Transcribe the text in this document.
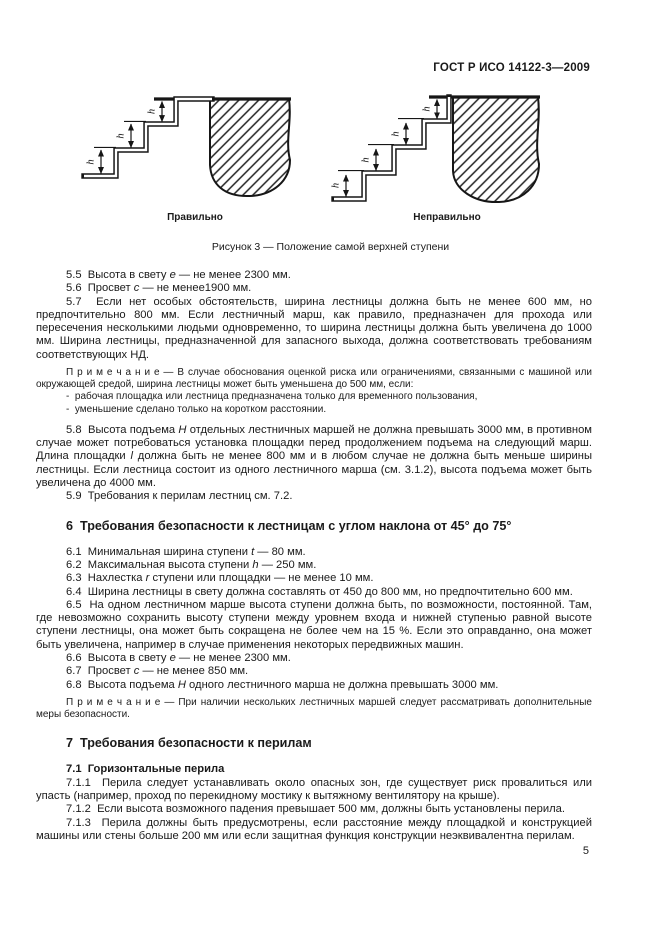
ГОСТ Р ИСО 14122-3—2009
h
h
h
h
h
h
h
Правильно	Неправильно
Рисунок 3 — Положение самой верхней ступени

5.5  Высота в свету e — не менее 2300 мм.

5.6  Просвет c — не менее1900 мм.

5.7  Если нет особых обстоятельств, ширина лестницы должна быть не менее 600 мм, но предпочтительно 800 мм. Если лестничный марш, как правило, предназначен для прохода или пересечения несколькими людьми одновременно, то ширина лестницы должна быть увеличена до 1000 мм. Ширина лестницы, предназначенной для запасного выхода, должна соответствовать требованиям соответствующих НД.

П р и м е ч а н и е — В случае обоснования оценкой риска или ограничениями, связанными с машиной или окружающей средой, ширина лестницы может быть уменьшена до 500 мм, если:

-  рабочая площадка или лестница предназначена только для временного пользования,

-  уменьшение сделано только на коротком расстоянии.

5.8  Высота подъема H отдельных лестничных маршей не должна превышать 3000 мм, в противном случае может потребоваться установка площадки перед продолжением подъема на следующий марш. Длина площадки l должна быть не менее 800 мм и в любом случае не должна быть меньше ширины лестницы. Если лестница состоит из одного лестничного марша (см. 3.1.2), высота подъема может быть увеличена до 4000 мм.

5.9  Требования к перилам лестниц см. 7.2.

6  Требования безопасности к лестницам с углом наклона от 45° до 75°

6.1  Минимальная ширина ступени t — 80 мм.

6.2  Максимальная высота ступени h — 250 мм.

6.3  Нахлестка r ступени или площадки — не менее 10 мм.

6.4  Ширина лестницы в свету должна составлять от 450 до 800 мм, но предпочтительно 600 мм.

6.5  На одном лестничном марше высота ступени должна быть, по возможности, постоянной. Там, где невозможно сохранить высоту ступени между уровнем входа и нижней ступенью равной высоте ступени лестницы, она может быть сокращена не более чем на 15 %. Если это оправданно, она может быть увеличена, например в случае применения некоторых передвижных машин.

6.6  Высота в свету e — не менее 2300 мм.

6.7  Просвет c — не менее 850 мм.

6.8  Высота подъема H одного лестничного марша не должна превышать 3000 мм.

П р и м е ч а н и е — При наличии нескольких лестничных маршей следует рассматривать дополнительные меры безопасности.

7  Требования безопасности к перилам

7.1  Горизонтальные перила

7.1.1  Перила следует устанавливать около опасных зон, где существует риск провалиться или упасть (например, проход по перекидному мостику к вытяжному вентилятору на крыше).

7.1.2  Если высота возможного падения превышает 500 мм, должны быть установлены перила.

7.1.3  Перила должны быть предусмотрены, если расстояние между площадкой и конструкцией машины или стены больше 200 мм или если защитная функция конструкции неэквивалентна перилам.

5
